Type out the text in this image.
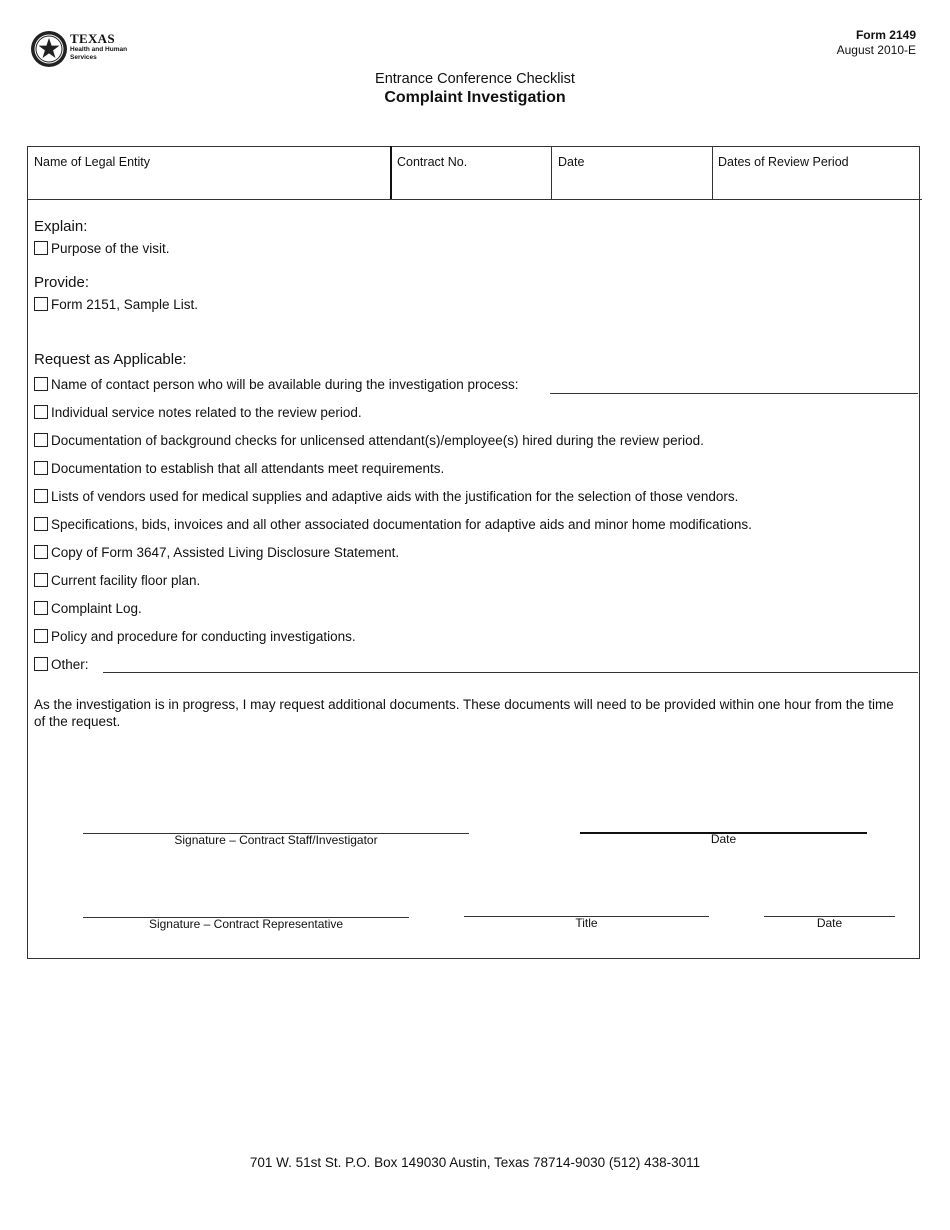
TEXAS
Health and Human
Services
Form 2149
August 2010-E
Entrance Conference Checklist
Complaint Investigation
Name of Legal Entity	Contract No.	Date	Dates of Review Period
Explain:
Purpose of the visit.
Provide:
Form 2151, Sample List.
Request as Applicable:
Name of contact person who will be available during the investigation process:
Individual service notes related to the review period.
Documentation of background checks for unlicensed attendant(s)/employee(s) hired during the review period.
Documentation to establish that all attendants meet requirements.
Lists of vendors used for medical supplies and adaptive aids with the justification for the selection of those vendors.
Specifications, bids, invoices and all other associated documentation for adaptive aids and minor home modifications.
Copy of Form 3647, Assisted Living Disclosure Statement.
Current facility floor plan.
Complaint Log.
Policy and procedure for conducting investigations.
Other:
As the investigation is in progress, I may request additional documents. These documents will need to be provided within one hour from the time of the request.
Signature – Contract Staff/Investigator	Date
Signature – Contract Representative	Title	Date
701 W. 51st St. P.O. Box 149030 Austin, Texas 78714-9030 (512) 438-3011
